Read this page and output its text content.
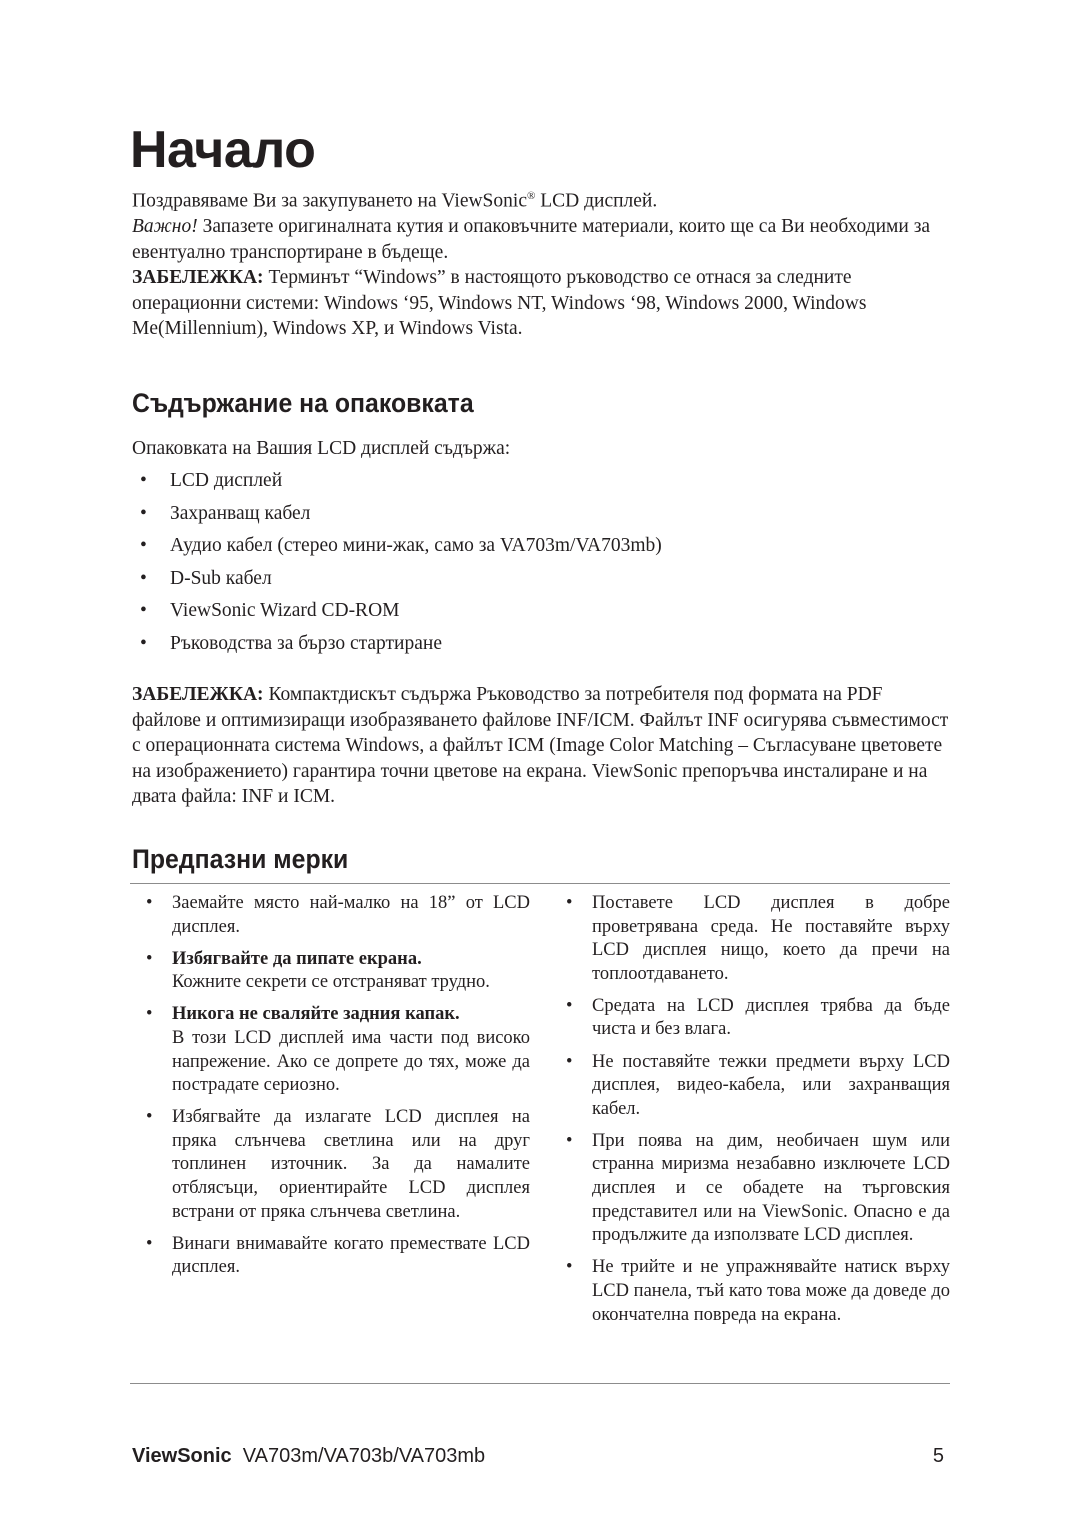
Начало

Поздравяваме Ви за закупуването на ViewSonic® LCD дисплей.

Важно! Запазете оригиналната кутия и опаковъчните материали, които ще са Ви необходими за евентуално транспортиране в бъдеще.

ЗАБЕЛЕЖКА: Терминът “Windows” в настоящото ръководство се отнася за следните операционни системи: Windows ‘95, Windows NT, Windows ‘98, Windows 2000, Windows Me(Millennium), Windows XP, и Windows Vista.

Съдържание на опаковката

Опаковката на Вашия LCD дисплей съдържа:

• LCD дисплей
• Захранващ кабел
• Аудио кабел (стерео мини-жак, само за VA703m/VA703mb)
• D-Sub кабел
• ViewSonic Wizard CD-ROM
• Ръководства за бързо стартиране

ЗАБЕЛЕЖКА: Компактдискът съдържа Ръководство за потребителя под формата на PDF файлове и оптимизиращи изобразяването файлове INF/ICM. Файлът INF осигурява съвместимост с операционната система Windows, а файлът ICM (Image Color Matching – Съгласуване цветовете на изображението) гарантира точни цветове на екрана. ViewSonic препоръчва инсталиране и на двата файла: INF и ICM.

Предпазни мерки
• Заемайте място най-малко на 18” от LCD дисплея.
• Избягвайте да пипате екрана.
Кожните секрети се отстраняват трудно.
• Никога не сваляйте задния капак.
В този LCD дисплей има части под високо напрежение. Ако се допрете до тях, може да пострадате сериозно.
• Избягвайте да излагате LCD дисплея на пряка слънчева светлина или на друг топлинен източник. За да намалите отблясъци, ориентирайте LCD дисплея встрани от пряка слънчева светлина.
• Винаги внимавайте когато премествате LCD дисплея.
• Поставете LCD дисплея в добре проветрявана среда. Не поставяйте върху LCD дисплея нищо, което да пречи на топлоотдаването.
• Средата на LCD дисплея трябва да бъде чиста и без влага.
• Не поставяйте тежки предмети върху LCD дисплея, видео-кабела, или захранващия кабел.
• При поява на дим, необичаен шум или странна миризма незабавно изключете LCD дисплея и се обадете на търговския представител или на ViewSonic. Опасно е да продължите да използвате LCD дисплея.
• Не трийте и не упражнявайте натиск върху LCD панела, тъй като това може да доведе до окончателна повреда на екрана.
ViewSonic VA703m/VA703b/VA703mb	5
